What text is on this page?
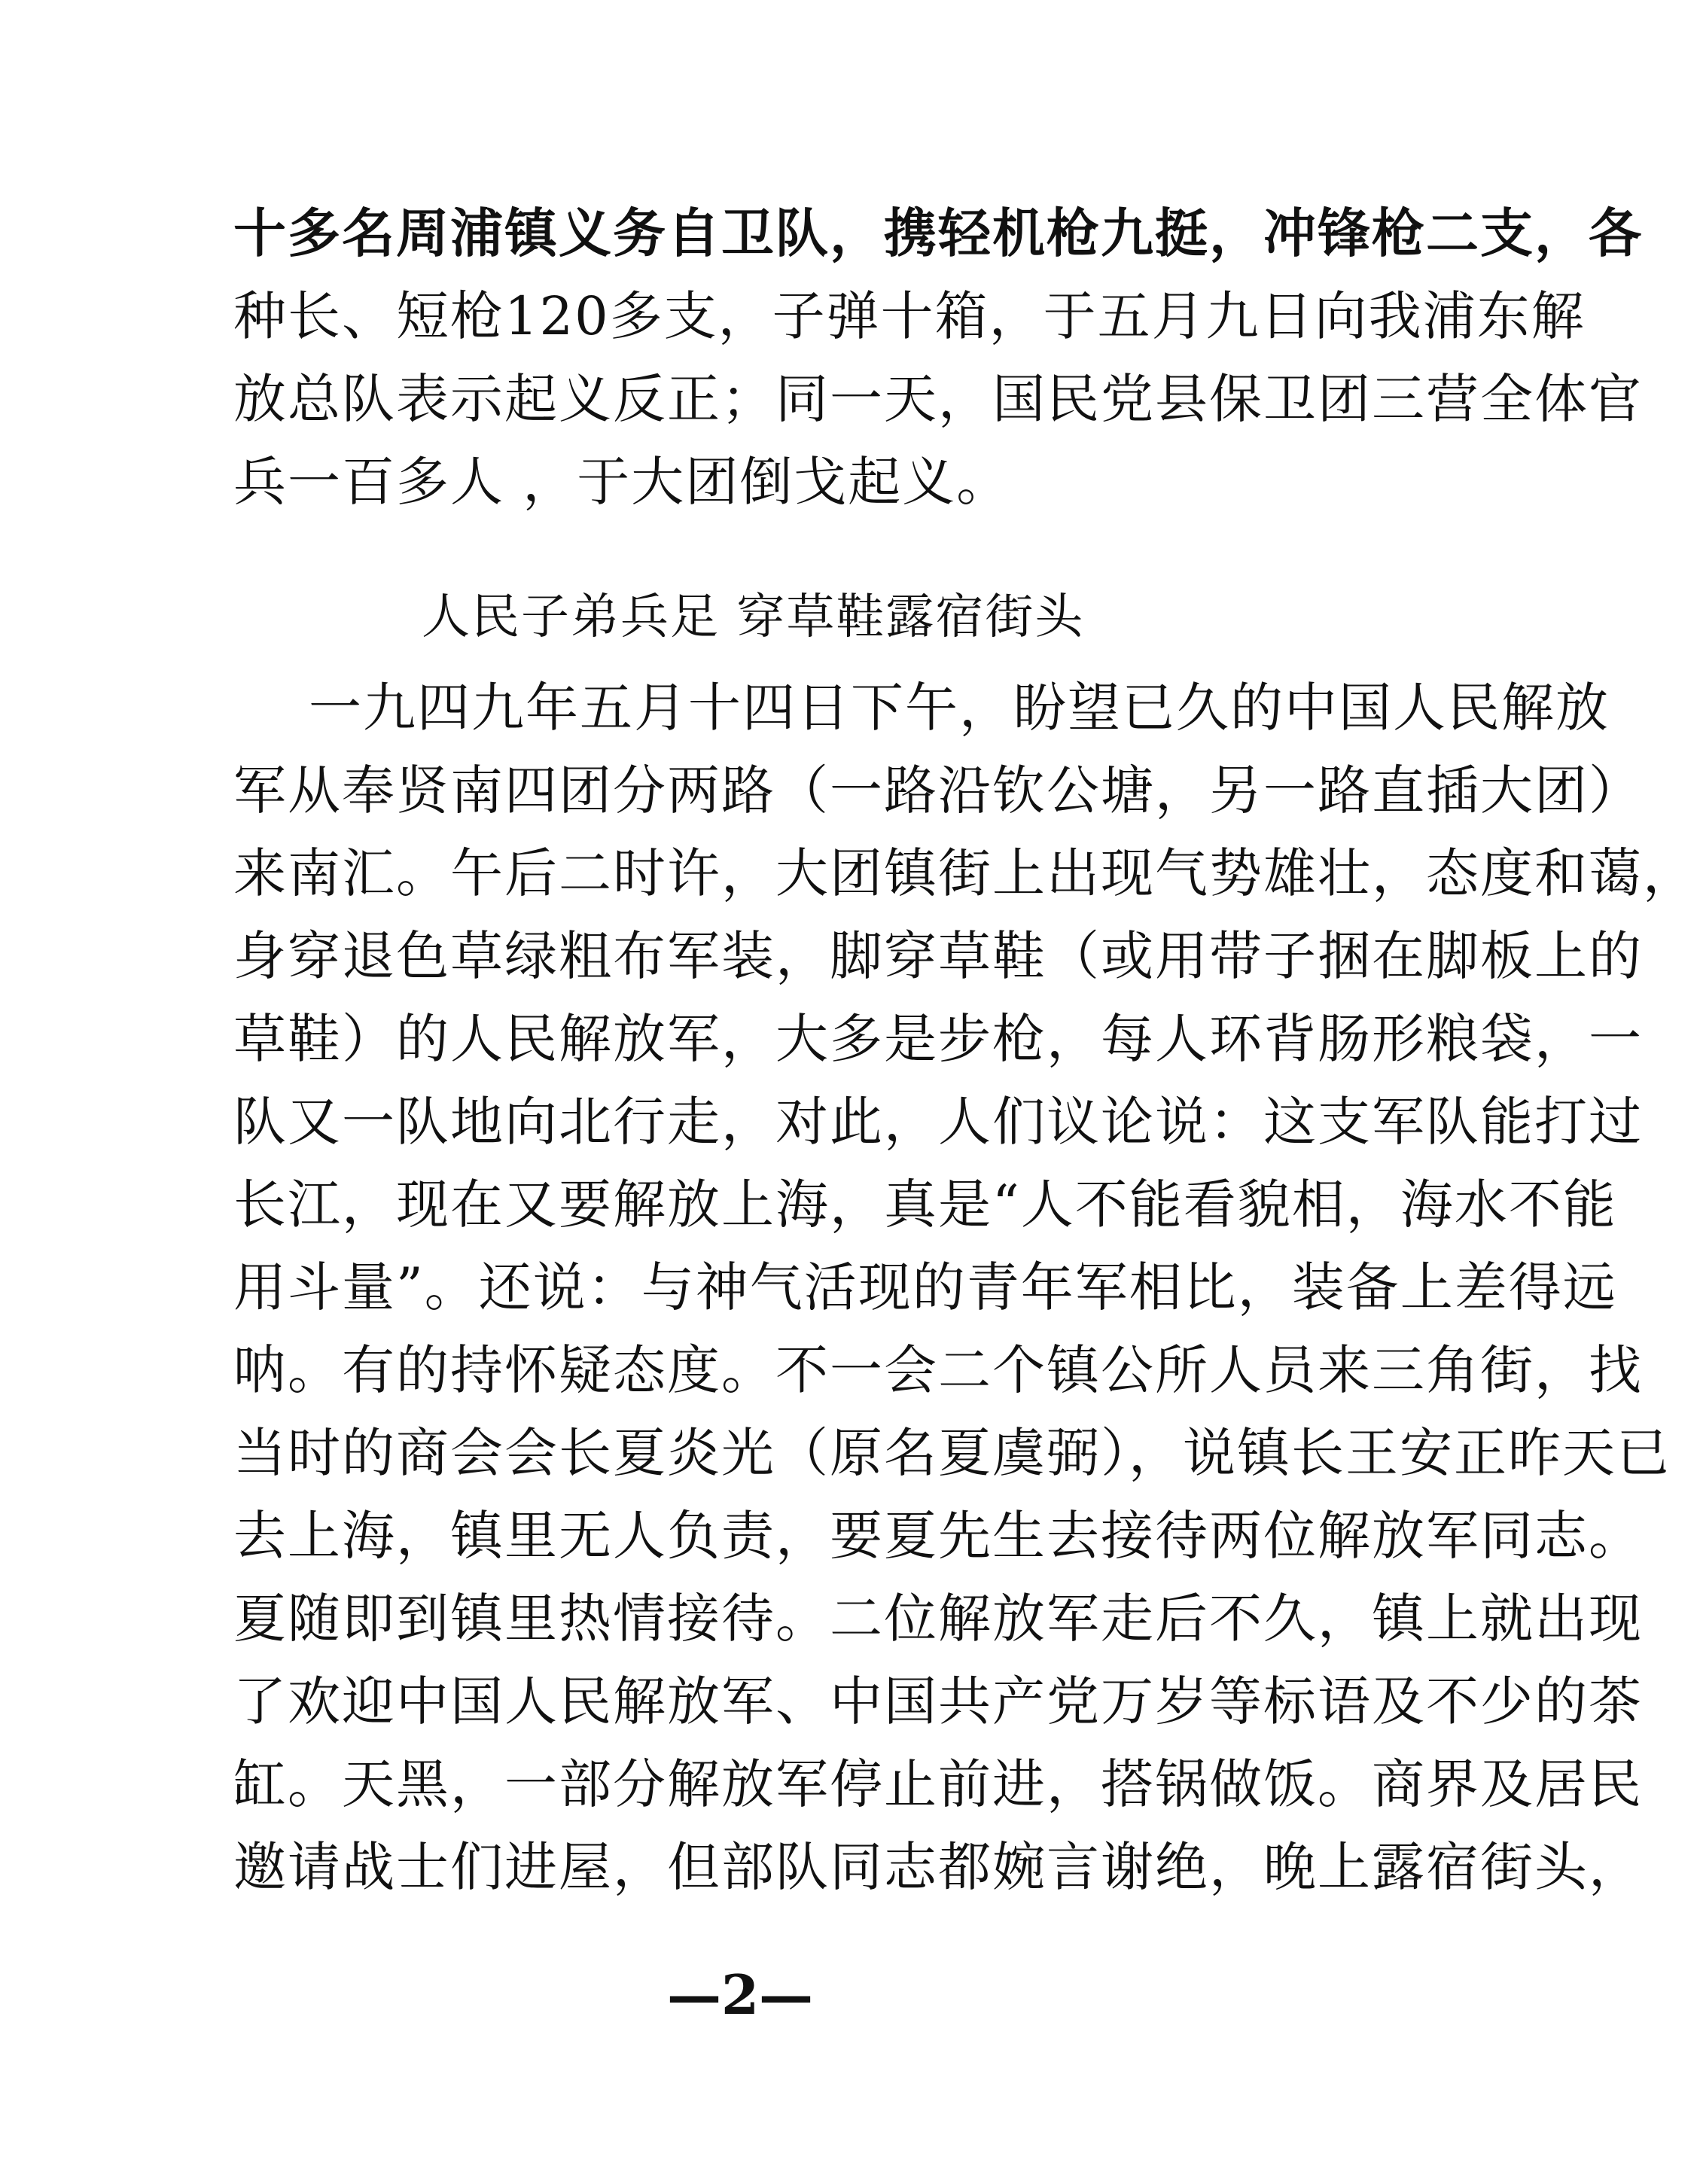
十多名周浦镇义务自卫队，携轻机枪九挺，冲锋枪二支，各
种长、短枪120多支，子弹十箱，于五月九日向我浦东解
放总队表示起义反正；同一天，国民党县保卫团三营全体官
兵一百多人 ，于大团倒戈起义。
人民子弟兵足 穿草鞋露宿街头
一九四九年五月十四日下午，盼望已久的中国人民解放
军从奉贤南四团分两路（一路沿钦公塘，另一路直插大团）
来南汇。午后二时许，大团镇街上出现气势雄壮，态度和蔼，
身穿退色草绿粗布军装，脚穿草鞋（或用带子捆在脚板上的
草鞋）的人民解放军，大多是步枪，每人环背肠形粮袋，一
队又一队地向北行走，对此，人们议论说：这支军队能打过
长江，现在又要解放上海，真是“人不能看貌相，海水不能
用斗量”。还说：与神气活现的青年军相比，装备上差得远
呐。有的持怀疑态度。不一会二个镇公所人员来三角街，找
当时的商会会长夏炎光（原名夏虞弼），说镇长王安正昨天已
去上海，镇里无人负责，要夏先生去接待两位解放军同志。
夏随即到镇里热情接待。二位解放军走后不久，镇上就出现
了欢迎中国人民解放军、中国共产党万岁等标语及不少的茶
缸。天黑，一部分解放军停止前进，搭锅做饭。商界及居民
邀请战士们进屋，但部队同志都婉言谢绝，晚上露宿街头，
—2—
